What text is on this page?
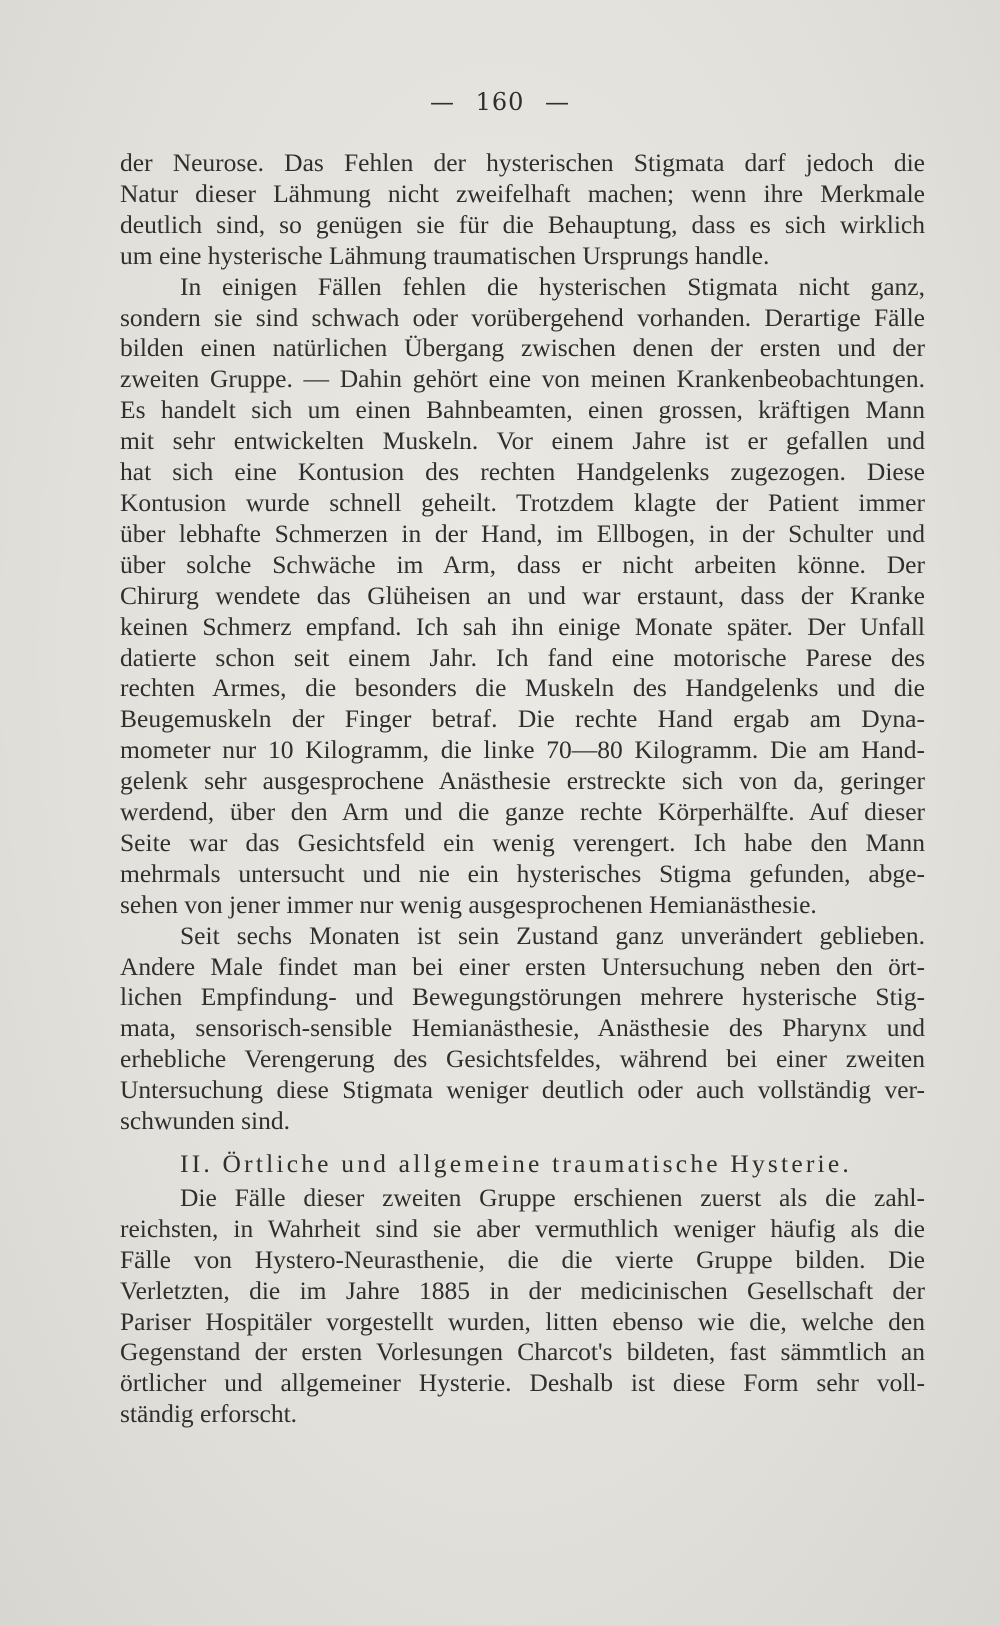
— 160 —
der Neurose. Das Fehlen der hysterischen Stigmata darf jedoch die
Natur dieser Lähmung nicht zweifelhaft machen; wenn ihre Merkmale
deutlich sind, so genügen sie für die Behauptung, dass es sich wirklich
um eine hysterische Lähmung traumatischen Ursprungs handle.
In einigen Fällen fehlen die hysterischen Stigmata nicht ganz,
sondern sie sind schwach oder vorübergehend vorhanden. Derartige Fälle
bilden einen natürlichen Übergang zwischen denen der ersten und der
zweiten Gruppe. — Dahin gehört eine von meinen Krankenbeobachtungen.
Es handelt sich um einen Bahnbeamten, einen grossen, kräftigen Mann
mit sehr entwickelten Muskeln. Vor einem Jahre ist er gefallen und
hat sich eine Kontusion des rechten Handgelenks zugezogen. Diese
Kontusion wurde schnell geheilt. Trotzdem klagte der Patient immer
über lebhafte Schmerzen in der Hand, im Ellbogen, in der Schulter und
über solche Schwäche im Arm, dass er nicht arbeiten könne. Der
Chirurg wendete das Glüheisen an und war erstaunt, dass der Kranke
keinen Schmerz empfand. Ich sah ihn einige Monate später. Der Unfall
datierte schon seit einem Jahr. Ich fand eine motorische Parese des
rechten Armes, die besonders die Muskeln des Handgelenks und die
Beugemuskeln der Finger betraf. Die rechte Hand ergab am Dyna-
mometer nur 10 Kilogramm, die linke 70—80 Kilogramm. Die am Hand-
gelenk sehr ausgesprochene Anästhesie erstreckte sich von da, geringer
werdend, über den Arm und die ganze rechte Körperhälfte. Auf dieser
Seite war das Gesichtsfeld ein wenig verengert. Ich habe den Mann
mehrmals untersucht und nie ein hysterisches Stigma gefunden, abge-
sehen von jener immer nur wenig ausgesprochenen Hemianästhesie.
Seit sechs Monaten ist sein Zustand ganz unverändert geblieben.
Andere Male findet man bei einer ersten Untersuchung neben den ört-
lichen Empfindung- und Bewegungstörungen mehrere hysterische Stig-
mata, sensorisch-sensible Hemianästhesie, Anästhesie des Pharynx und
erhebliche Verengerung des Gesichtsfeldes, während bei einer zweiten
Untersuchung diese Stigmata weniger deutlich oder auch vollständig ver-
schwunden sind.
II. Örtliche und allgemeine traumatische Hysterie.
Die Fälle dieser zweiten Gruppe erschienen zuerst als die zahl-
reichsten, in Wahrheit sind sie aber vermuthlich weniger häufig als die
Fälle von Hystero-Neurasthenie, die die vierte Gruppe bilden. Die
Verletzten, die im Jahre 1885 in der medicinischen Gesellschaft der
Pariser Hospitäler vorgestellt wurden, litten ebenso wie die, welche den
Gegenstand der ersten Vorlesungen Charcot's bildeten, fast sämmtlich an
örtlicher und allgemeiner Hysterie. Deshalb ist diese Form sehr voll-
ständig erforscht.
